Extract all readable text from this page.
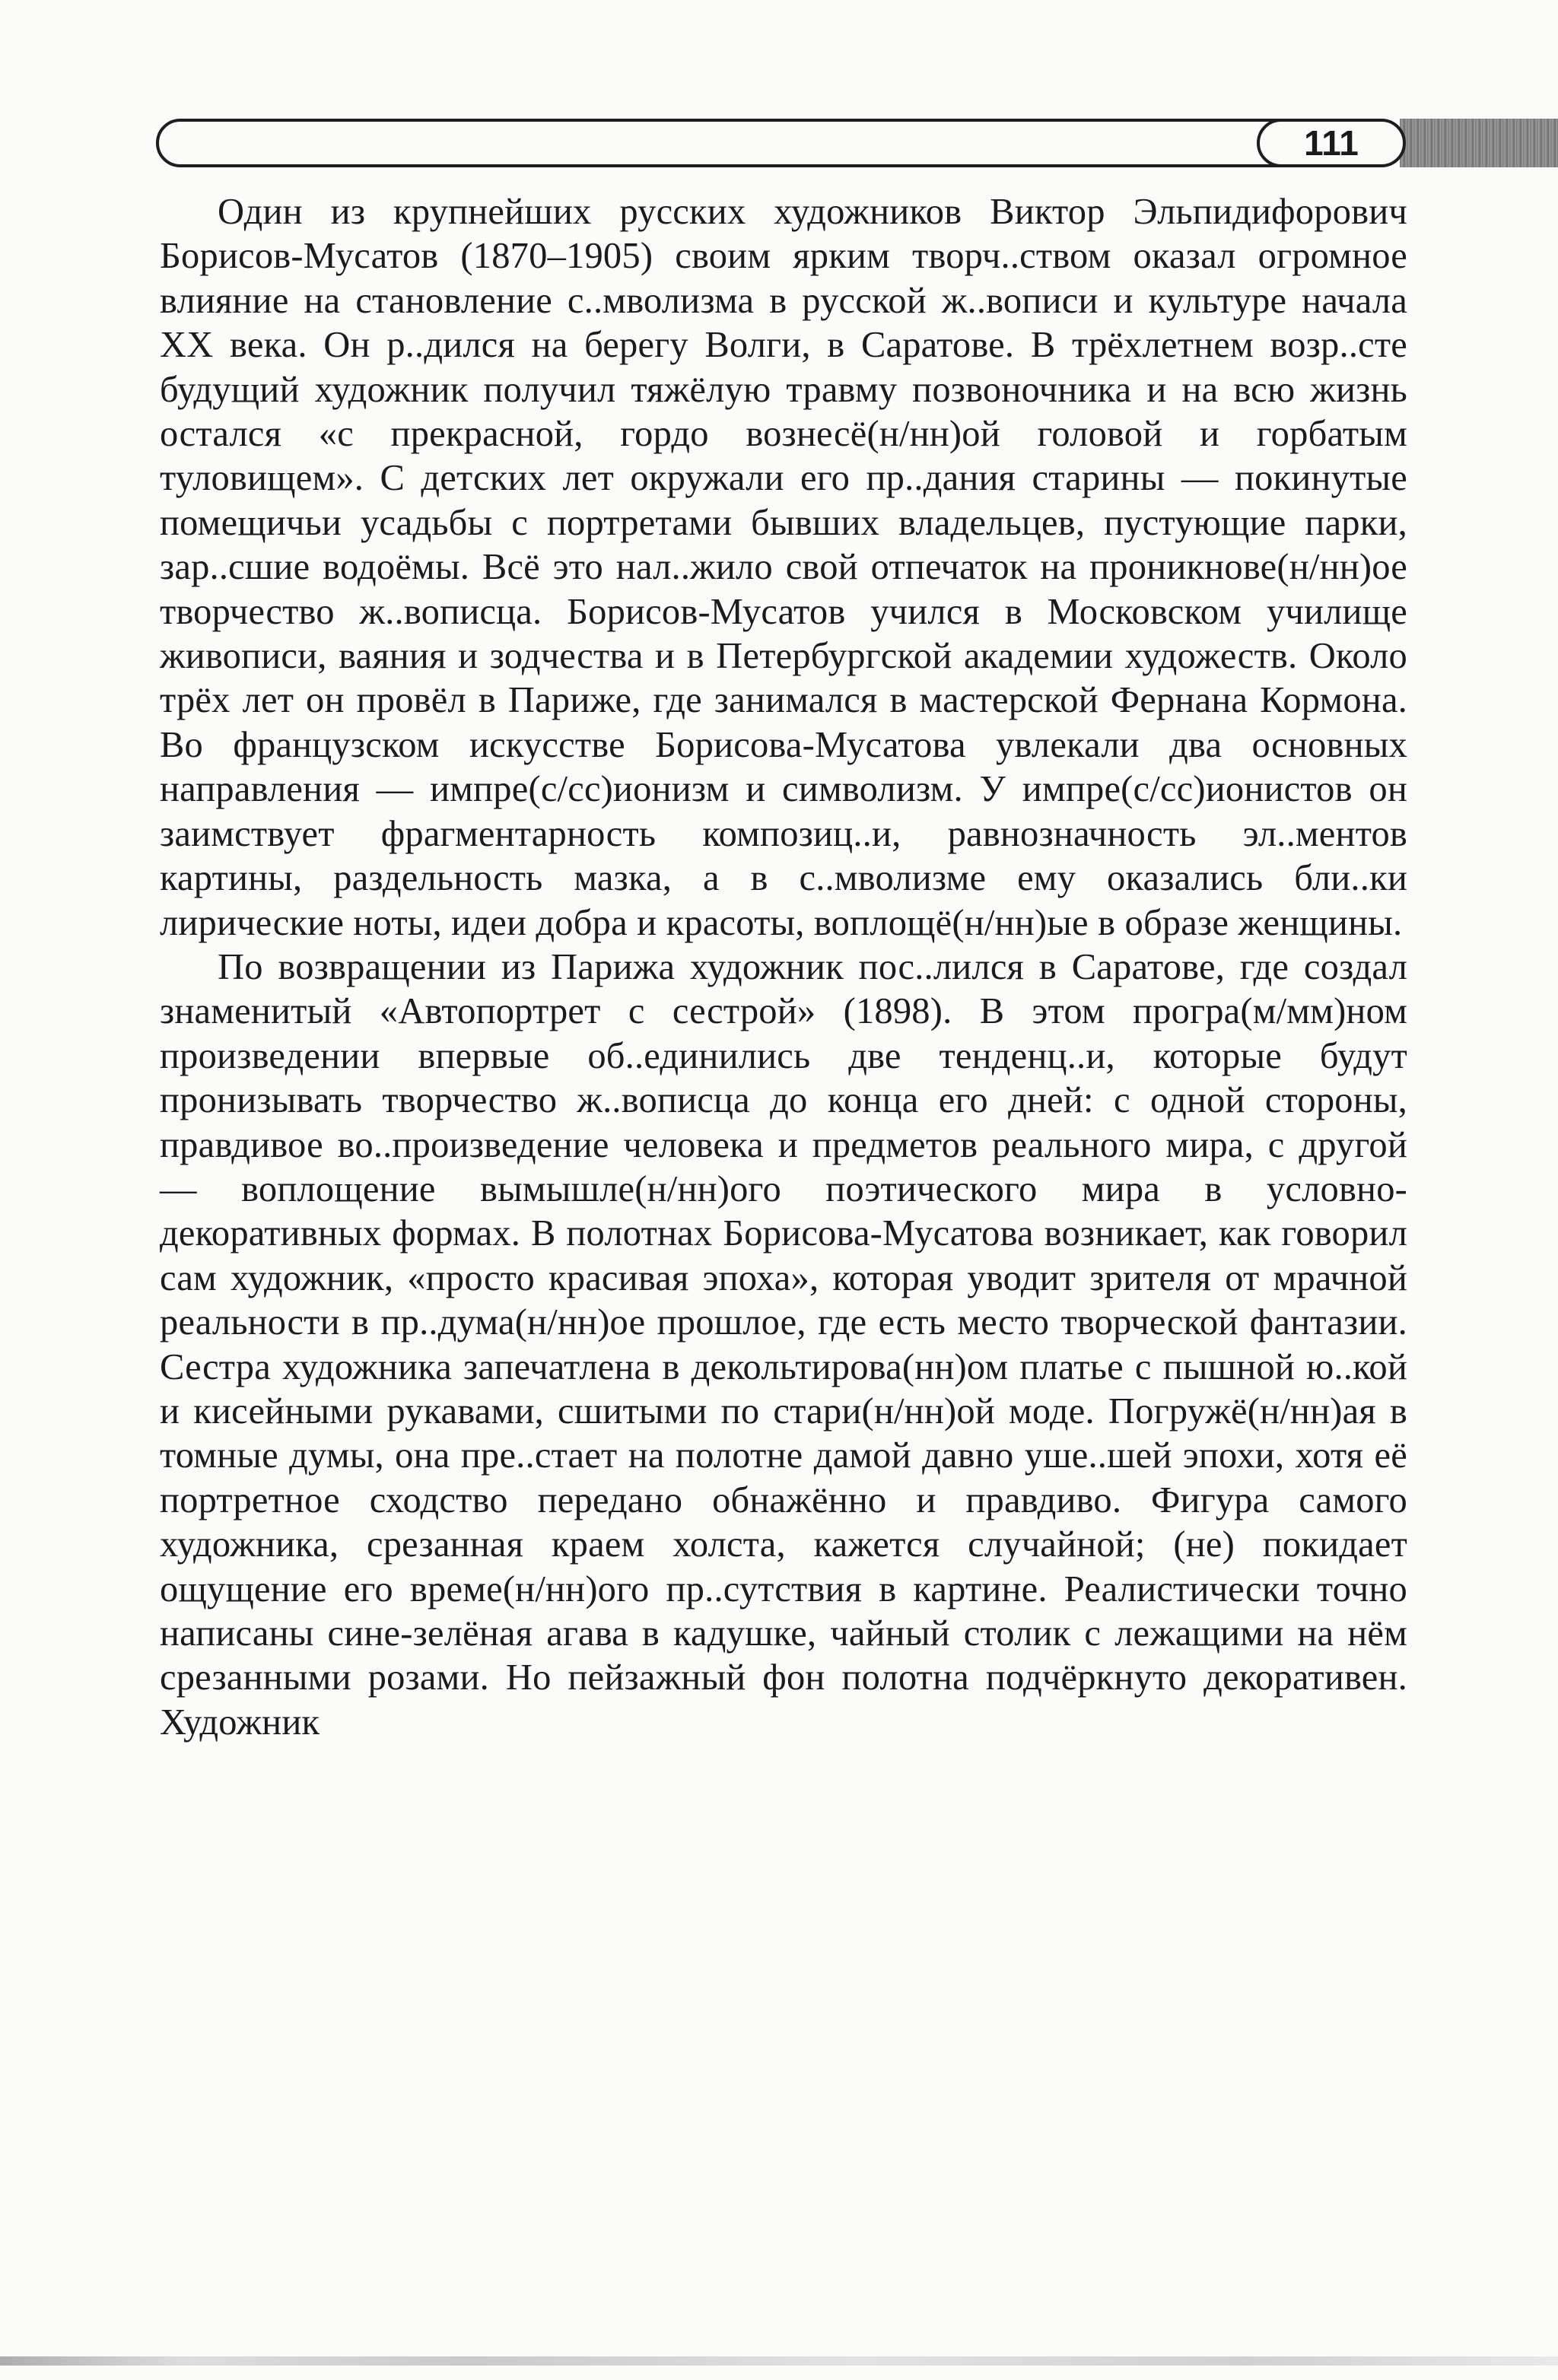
111

Один из крупнейших русских художников Виктор Эльпидифорович Борисов-Мусатов (1870–1905) своим ярким творч..ством оказал огромное влияние на становление с..мволизма в русской ж..вописи и культуре начала XX века. Он р..дился на берегу Волги, в Саратове. В трёхлетнем возр..сте будущий художник получил тяжёлую травму позвоночника и на всю жизнь остался «с прекрасной, гордо вознесё(н/нн)ой головой и горбатым туловищем». С детских лет окружали его пр..дания старины — покинутые помещичьи усадьбы с портретами бывших владельцев, пустующие парки, зар..сшие водоёмы. Всё это нал..жило свой отпечаток на проникнове(н/нн)ое творчество ж..вописца. Борисов-Мусатов учился в Московском училище живописи, ваяния и зодчества и в Петербургской академии художеств. Около трёх лет он провёл в Париже, где занимался в мастерской Фернана Кормона. Во французском искусстве Борисова-Мусатова увлекали два основных направления — импре(с/сс)ионизм и символизм. У импре(с/сс)ионистов он заимствует фрагментарность композиц..и, равнозначность эл..ментов картины, раздельность мазка, а в с..мволизме ему оказались бли..ки лирические ноты, идеи добра и красоты, воплощё(н/нн)ые в образе женщины.

По возвращении из Парижа художник пос..лился в Саратове, где создал знаменитый «Автопортрет с сестрой» (1898). В этом програ(м/мм)ном произведении впервые об..единились две тенденц..и, которые будут пронизывать творчество ж..вописца до конца его дней: с одной стороны, правдивое во..произведение человека и предметов реального мира, с другой — воплощение вымышле(н/нн)ого поэтического мира в условно-декоративных формах. В полотнах Борисова-Мусатова возникает, как говорил сам художник, «просто красивая эпоха», которая уводит зрителя от мрачной реальности в пр..дума(н/нн)ое прошлое, где есть место творческой фантазии. Сестра художника запечатлена в декольтирова(нн)ом платье с пышной ю..кой и кисейными рукавами, сшитыми по стари(н/нн)ой моде. Погружё(н/нн)ая в томные думы, она пре..стает на полотне дамой давно уше..шей эпохи, хотя её портретное сходство передано обнажённо и правдиво. Фигура самого художника, срезанная краем холста, кажется случайной; (не) покидает ощущение его време(н/нн)ого пр..сутствия в картине. Реалистически точно написаны сине-зелёная агава в кадушке, чайный столик с лежащими на нём срезанными розами. Но пейзажный фон полотна подчёркнуто декоративен. Художник
